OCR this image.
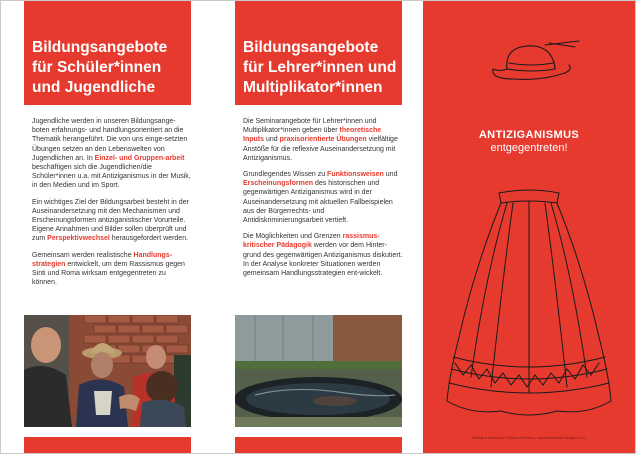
Bildungsangebote
für Schüler*innen
und Jugendliche

Jugendliche werden in unseren Bildungsange-boten erfahrungs- und handlungsorientiert an die Thematik herangeführt. Die von uns einge-setzten Übungen setzen an den Lebenswelten von Jugendlichen an. In Einzel- und Gruppen-arbeit beschäftigen sich die Jugendlichen/die Schüler*innen u.a. mit Antiziganismus in der Musik, in den Medien und im Sport.

Ein wichtiges Ziel der Bildungsarbeit besteht in der Auseinandersetzung mit den Mechanismen und Erscheinungsformen antiziganistischer Vorurteile. Eigene Annahmen und Bilder sollen überprüft und zum Perspektivwechsel herausgefordert werden.

Gemeinsam werden realistische Handlungs-strategien entwickelt, um dem Rassismus gegen Sinti und Roma wirksam entgegentreten zu können.

Bildungsangebote
für Lehrer*innen und
Multiplikator*innen

Die Seminarangebote für Lehrer*innen und Multiplikator*innen geben über theoretische Inputs und praxisorientierte Übungen vielfältige Anstöße für die reflexive Auseinandersetzung mit Antiziganismus.

Grundlegendes Wissen zu Funktionsweisen und Erscheinungsformen des historischen und gegenwärtigen Antiziganismus wird in der Auseinandersetzung mit aktuellen Fallbeispielen aus der Bürgerrechts- und Antidiskriminierungsarbeit vertieft.

Die Möglichkeiten und Grenzen rassismus-kritischer Pädagogik werden vor dem Hinter-grund des gegenwärtigen Antiziganismus diskutiert. In der Analyse konkreter Situationen werden gemeinsam Handlungsstrategien ent-wickelt.

ANTIZIGANISMUS
entgegentreten!
Verband Deutscher Sinti und Roma, Landesverband Bayern e.V.
